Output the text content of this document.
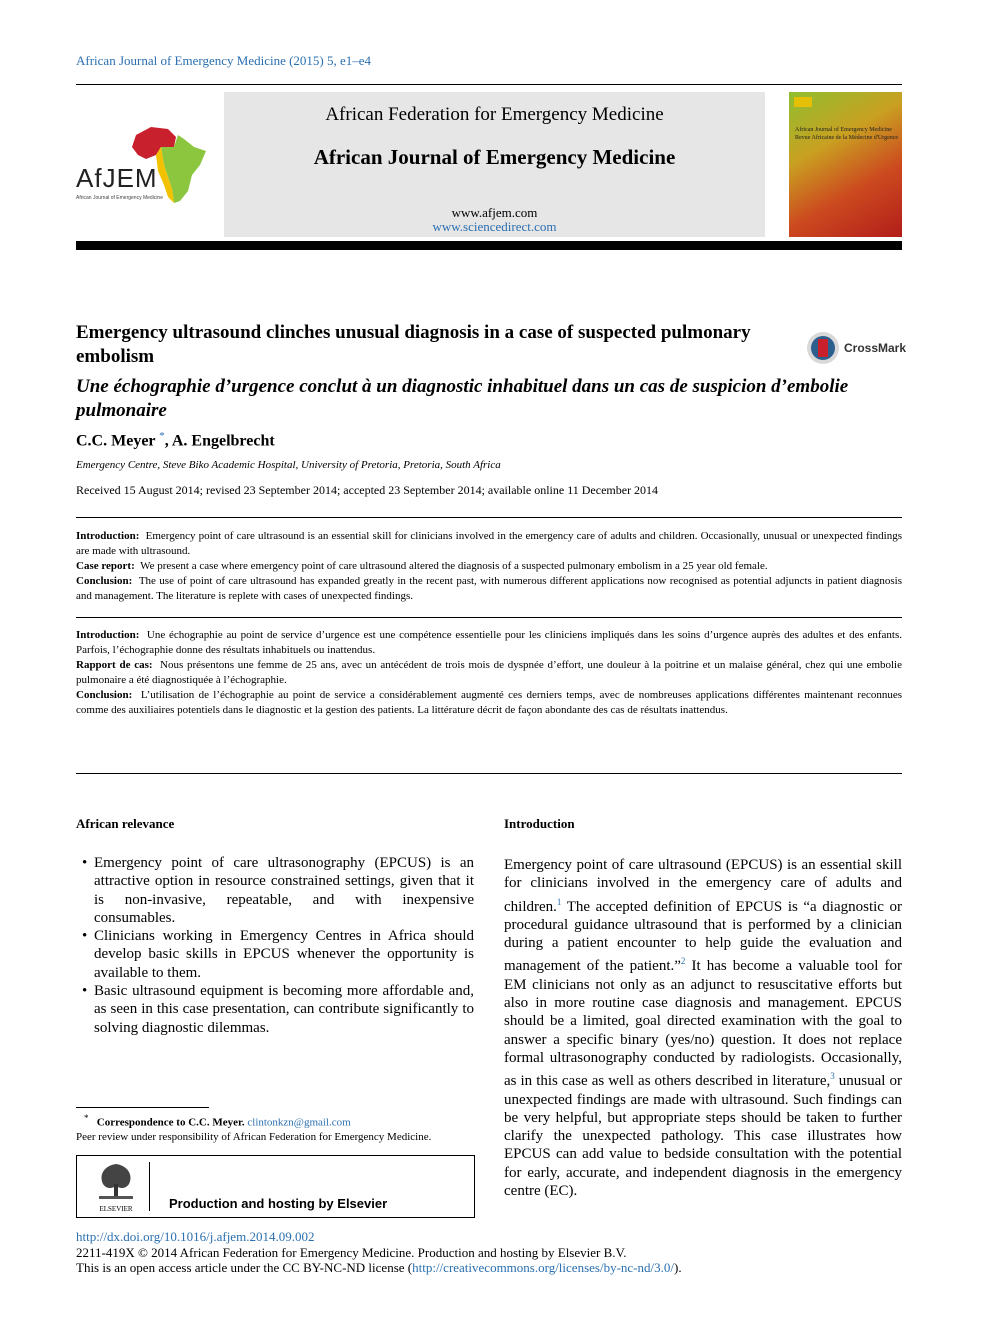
African Journal of Emergency Medicine (2015) 5, e1–e4
AfJEM
African Journal of Emergency Medicine
African Federation for Emergency Medicine
African Journal of Emergency Medicine
www.afjem.com
www.sciencedirect.com
African Journal of Emergency Medicine Revue Africaine de la Médecine d'Urgence
Emergency ultrasound clinches unusual diagnosis in a case of suspected pulmonary embolism	CrossMark
Une échographie d’urgence conclut à un diagnostic inhabituel dans un cas de suspicion d’embolie pulmonaire
C.C. Meyer *, A. Engelbrecht
Emergency Centre, Steve Biko Academic Hospital, University of Pretoria, Pretoria, South Africa
Received 15 August 2014; revised 23 September 2014; accepted 23 September 2014; available online 11 December 2014

Introduction: Emergency point of care ultrasound is an essential skill for clinicians involved in the emergency care of adults and children. Occasionally, unusual or unexpected findings are made with ultrasound.

Case report: We present a case where emergency point of care ultrasound altered the diagnosis of a suspected pulmonary embolism in a 25 year old female.

Conclusion: The use of point of care ultrasound has expanded greatly in the recent past, with numerous different applications now recognised as potential adjuncts in patient diagnosis and management. The literature is replete with cases of unexpected findings.

Introduction: Une échographie au point de service d’urgence est une compétence essentielle pour les cliniciens impliqués dans les soins d’urgence auprès des adultes et des enfants. Parfois, l’échographie donne des résultats inhabituels ou inattendus.

Rapport de cas: Nous présentons une femme de 25 ans, avec un antécédent de trois mois de dyspnée d’effort, une douleur à la poitrine et un malaise général, chez qui une embolie pulmonaire a été diagnostiquée à l’échographie.

Conclusion: L’utilisation de l’échographie au point de service a considérablement augmenté ces derniers temps, avec de nombreuses applications différentes maintenant reconnues comme des auxiliaires potentiels dans le diagnostic et la gestion des patients. La littérature décrit de façon abondante des cas de résultats inattendus.

African relevance
• Emergency point of care ultrasonography (EPCUS) is an attractive option in resource constrained settings, given that it is non-invasive, repeatable, and with inexpensive consumables.
• Clinicians working in Emergency Centres in Africa should develop basic skills in EPCUS whenever the opportunity is available to them.
• Basic ultrasound equipment is becoming more affordable and, as seen in this case presentation, can contribute significantly to solving diagnostic dilemmas.
* Correspondence to C.C. Meyer. clintonkzn@gmail.com
Peer review under responsibility of African Federation for Emergency Medicine.
ELSEVIER	Production and hosting by Elsevier
Introduction
Emergency point of care ultrasound (EPCUS) is an essential skill for clinicians involved in the emergency care of adults and children.$^1$ The accepted definition of EPCUS is “a diagnostic or procedural guidance ultrasound that is performed by a clinician during a patient encounter to help guide the evaluation and management of the patient.”$^2$ It has become a valuable tool for EM clinicians not only as an adjunct to resuscitative efforts but also in more routine case diagnosis and management. EPCUS should be a limited, goal directed examination with the goal to answer a specific binary (yes/no) question. It does not replace formal ultrasonography conducted by radiologists. Occasionally, as in this case as well as others described in literature,$^3$ unusual or unexpected findings are made with ultrasound. Such findings can be very helpful, but appropriate steps should be taken to further clarify the unexpected pathology. This case illustrates how EPCUS can add value to bedside consultation with the potential for early, accurate, and independent diagnosis in the emergency centre (EC).
http://dx.doi.org/10.1016/j.afjem.2014.09.002
2211-419X © 2014 African Federation for Emergency Medicine. Production and hosting by Elsevier B.V.
This is an open access article under the CC BY-NC-ND license (http://creativecommons.org/licenses/by-nc-nd/3.0/).
